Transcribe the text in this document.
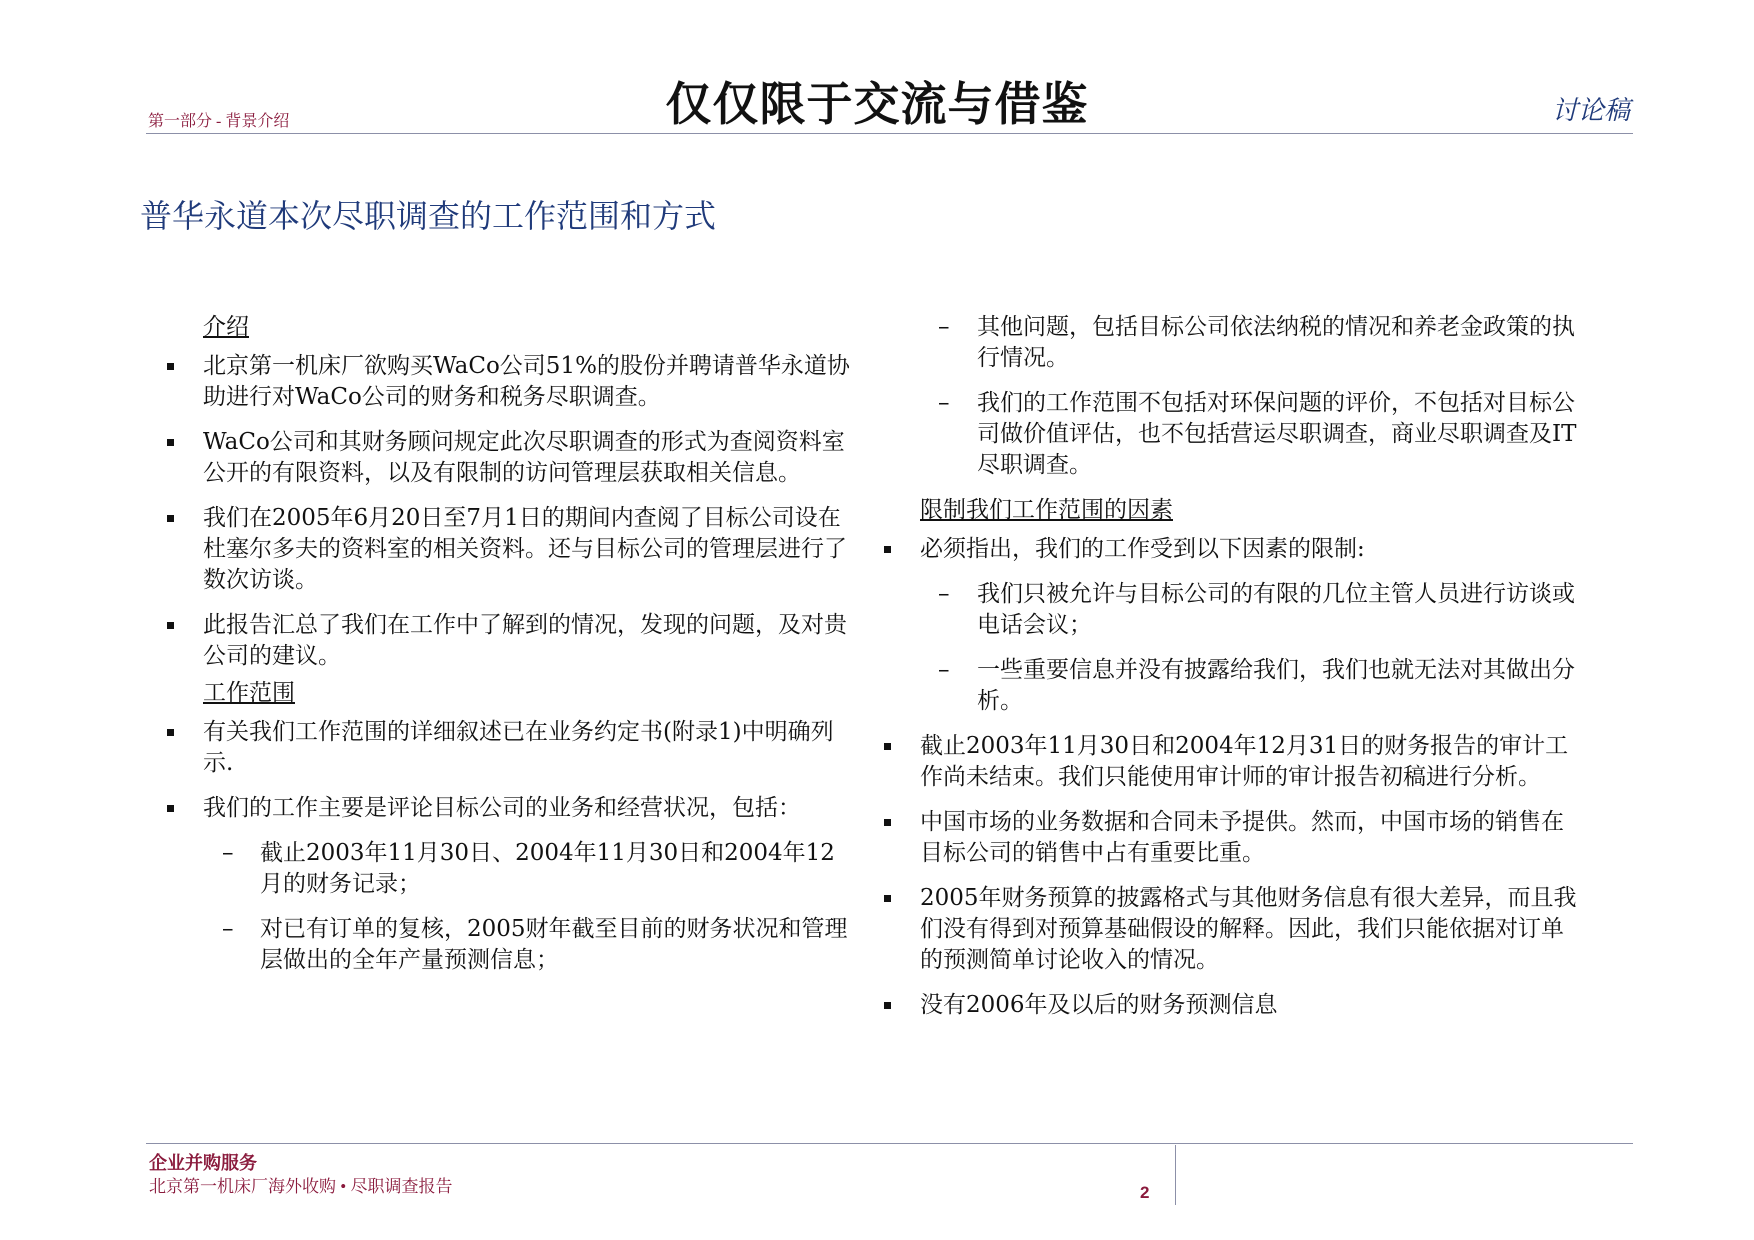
第一部分 - 背景介绍	仅仅限于交流与借鉴	讨论稿
普华永道本次尽职调查的工作范围和方式
介绍
北京第一机床厂欲购买WaCo公司51%的股份并聘请普华永道协助进行对WaCo公司的财务和税务尽职调查。
WaCo公司和其财务顾问规定此次尽职调查的形式为查阅资料室公开的有限资料，以及有限制的访问管理层获取相关信息。
我们在2005年6月20日至7月1日的期间内查阅了目标公司设在杜塞尔多夫的资料室的相关资料。还与目标公司的管理层进行了数次访谈。
此报告汇总了我们在工作中了解到的情况，发现的问题，及对贵公司的建议。
工作范围
有关我们工作范围的详细叙述已在业务约定书(附录1)中明确列示.
我们的工作主要是评论目标公司的业务和经营状况，包括：
– 截止2003年11月30日、2004年11月30日和2004年12月的财务记录；
– 对已有订单的复核，2005财年截至目前的财务状况和管理层做出的全年产量预测信息；
– 其他问题，包括目标公司依法纳税的情况和养老金政策的执行情况。
– 我们的工作范围不包括对环保问题的评价，不包括对目标公司做价值评估，也不包括营运尽职调查，商业尽职调查及IT尽职调查。
限制我们工作范围的因素
必须指出，我们的工作受到以下因素的限制:
– 我们只被允许与目标公司的有限的几位主管人员进行访谈或电话会议；
– 一些重要信息并没有披露给我们，我们也就无法对其做出分析。
截止2003年11月30日和2004年12月31日的财务报告的审计工作尚未结束。我们只能使用审计师的审计报告初稿进行分析。
中国市场的业务数据和合同未予提供。然而，中国市场的销售在目标公司的销售中占有重要比重。
2005年财务预算的披露格式与其他财务信息有很大差异，而且我们没有得到对预算基础假设的解释。因此，我们只能依据对订单的预测简单讨论收入的情况。
没有2006年及以后的财务预测信息
企业并购服务
北京第一机床厂海外收购 • 尽职调查报告	2
